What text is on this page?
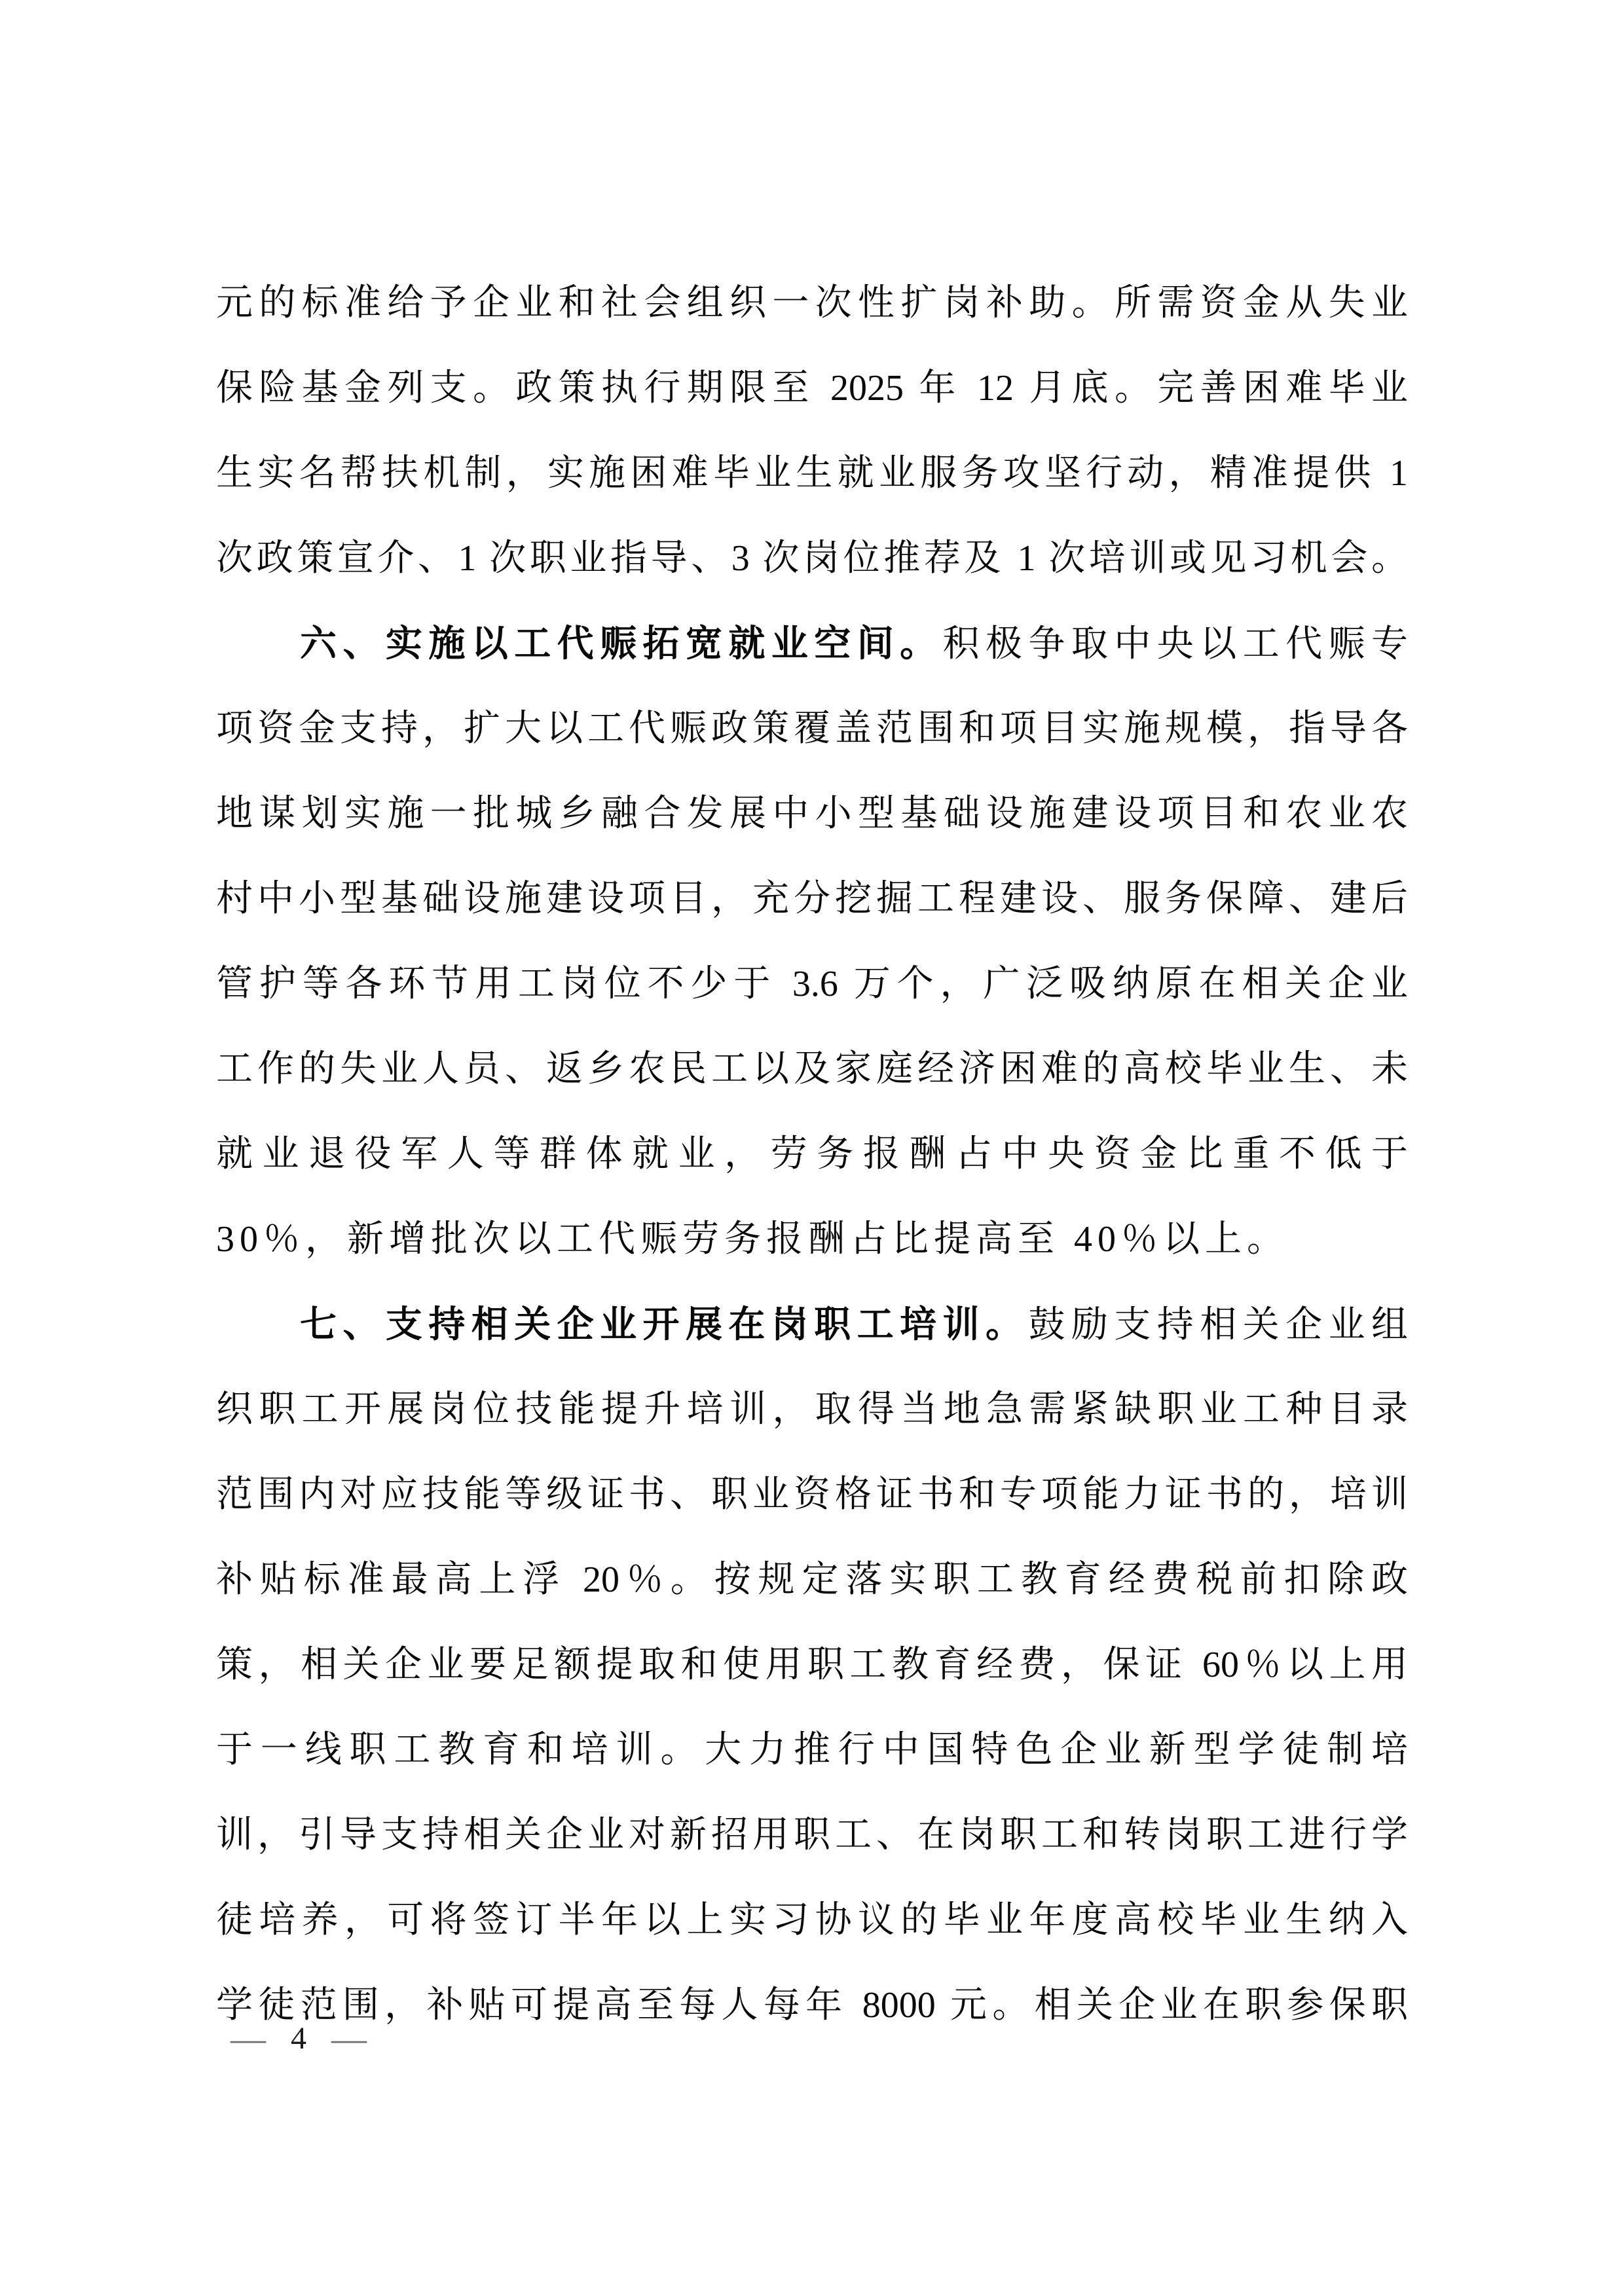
元的标准给予企业和社会组织一次性扩岗补助。所需资金从失业
保险基金列支。政策执行期限至 2025 年 12 月底。完善困难毕业
生实名帮扶机制，实施困难毕业生就业服务攻坚行动，精准提供 1
次政策宣介、1 次职业指导、3 次岗位推荐及 1 次培训或见习机会。
六、实施以工代赈拓宽就业空间。积极争取中央以工代赈专
项资金支持，扩大以工代赈政策覆盖范围和项目实施规模，指导各
地谋划实施一批城乡融合发展中小型基础设施建设项目和农业农
村中小型基础设施建设项目，充分挖掘工程建设、服务保障、建后
管护等各环节用工岗位不少于 3.6 万个，广泛吸纳原在相关企业
工作的失业人员、返乡农民工以及家庭经济困难的高校毕业生、未
就业退役军人等群体就业，劳务报酬占中央资金比重不低于
30％，新增批次以工代赈劳务报酬占比提高至 40％以上。
七、支持相关企业开展在岗职工培训。鼓励支持相关企业组
织职工开展岗位技能提升培训，取得当地急需紧缺职业工种目录
范围内对应技能等级证书、职业资格证书和专项能力证书的，培训
补贴标准最高上浮 20％。按规定落实职工教育经费税前扣除政
策，相关企业要足额提取和使用职工教育经费，保证 60％以上用
于一线职工教育和培训。大力推行中国特色企业新型学徒制培
训，引导支持相关企业对新招用职工、在岗职工和转岗职工进行学
徒培养，可将签订半年以上实习协议的毕业年度高校毕业生纳入
学徒范围，补贴可提高至每人每年 8000 元。相关企业在职参保职
— 4 —
